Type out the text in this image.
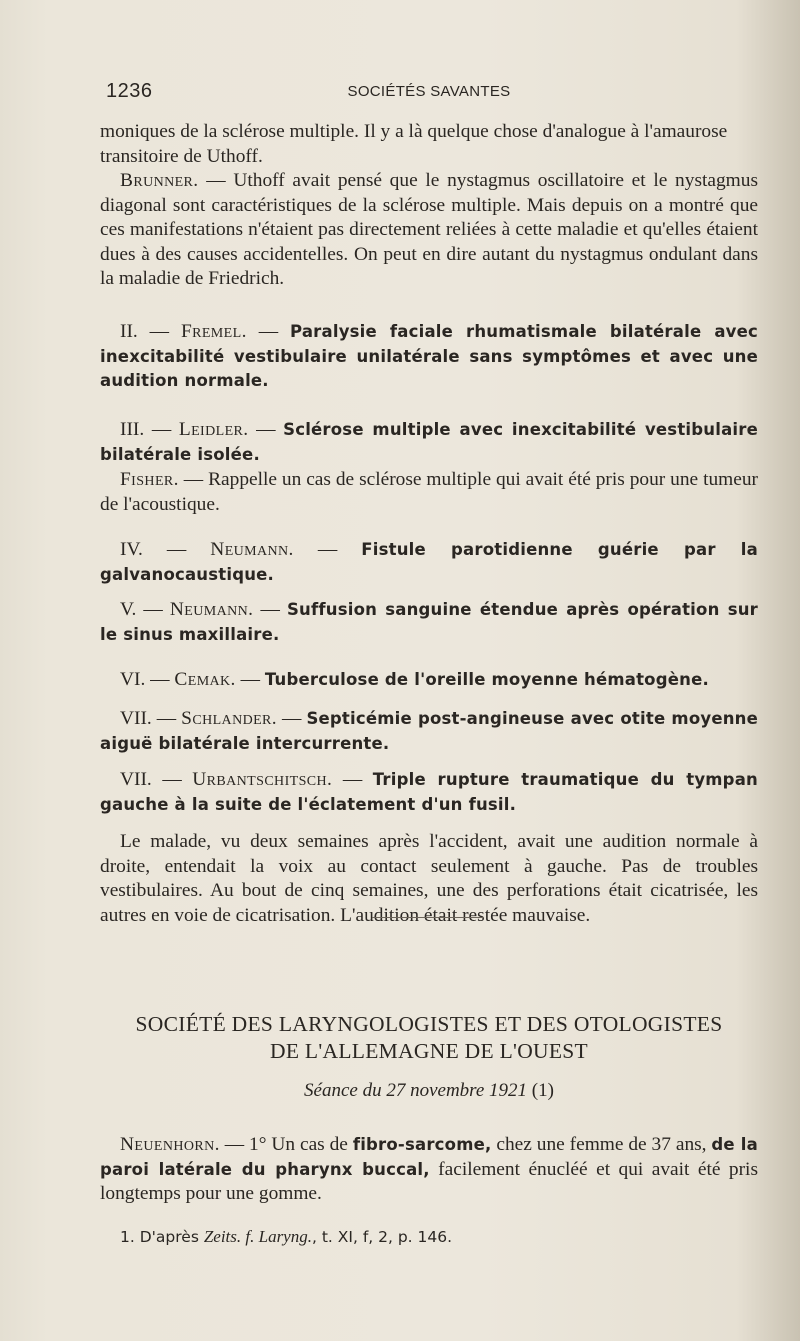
1236	SOCIÉTÉS SAVANTES

moniques de la sclérose multiple. Il y a là quelque chose d'analogue à l'amaurose transitoire de Uthoff.

Brunner. — Uthoff avait pensé que le nystagmus oscillatoire et le nystagmus diagonal sont caractéristiques de la sclérose multiple. Mais depuis on a montré que ces manifestations n'étaient pas directement reliées à cette maladie et qu'elles étaient dues à des causes accidentelles. On peut en dire autant du nystagmus ondulant dans la maladie de Friedrich.

II. — Fremel. — Paralysie faciale rhumatismale bilatérale avec inexcitabilité vestibulaire unilatérale sans symptômes et avec une audition normale.

III. — Leidler. — Sclérose multiple avec inexcitabilité vestibulaire bilatérale isolée.

Fisher. — Rappelle un cas de sclérose multiple qui avait été pris pour une tumeur de l'acoustique.

IV. — Neumann. — Fistule parotidienne guérie par la galvanocaustique.

V. — Neumann. — Suffusion sanguine étendue après opération sur le sinus maxillaire.

VI. — Cemak. — Tuberculose de l'oreille moyenne hématogène.

VII. — Schlander. — Septicémie post-angineuse avec otite moyenne aiguë bilatérale intercurrente.

VII. — Urbantschitsch. — Triple rupture traumatique du tympan gauche à la suite de l'éclatement d'un fusil.

Le malade, vu deux semaines après l'accident, avait une audition normale à droite, entendait la voix au contact seulement à gauche. Pas de troubles vestibulaires. Au bout de cinq semaines, une des perforations était cicatrisée, les autres en voie de cicatrisation. L'audition était restée mauvaise.

SOCIÉTÉ DES LARYNGOLOGISTES ET DES OTOLOGISTES
DE L'ALLEMAGNE DE L'OUEST
Séance du 27 novembre 1921 (1)

Neuenhorn. — 1° Un cas de fibro-sarcome, chez une femme de 37 ans, de la paroi latérale du pharynx buccal, facilement énucléé et qui avait été pris longtemps pour une gomme.

1. D'après Zeits. f. Laryng., t. XI, f, 2, p. 146.
